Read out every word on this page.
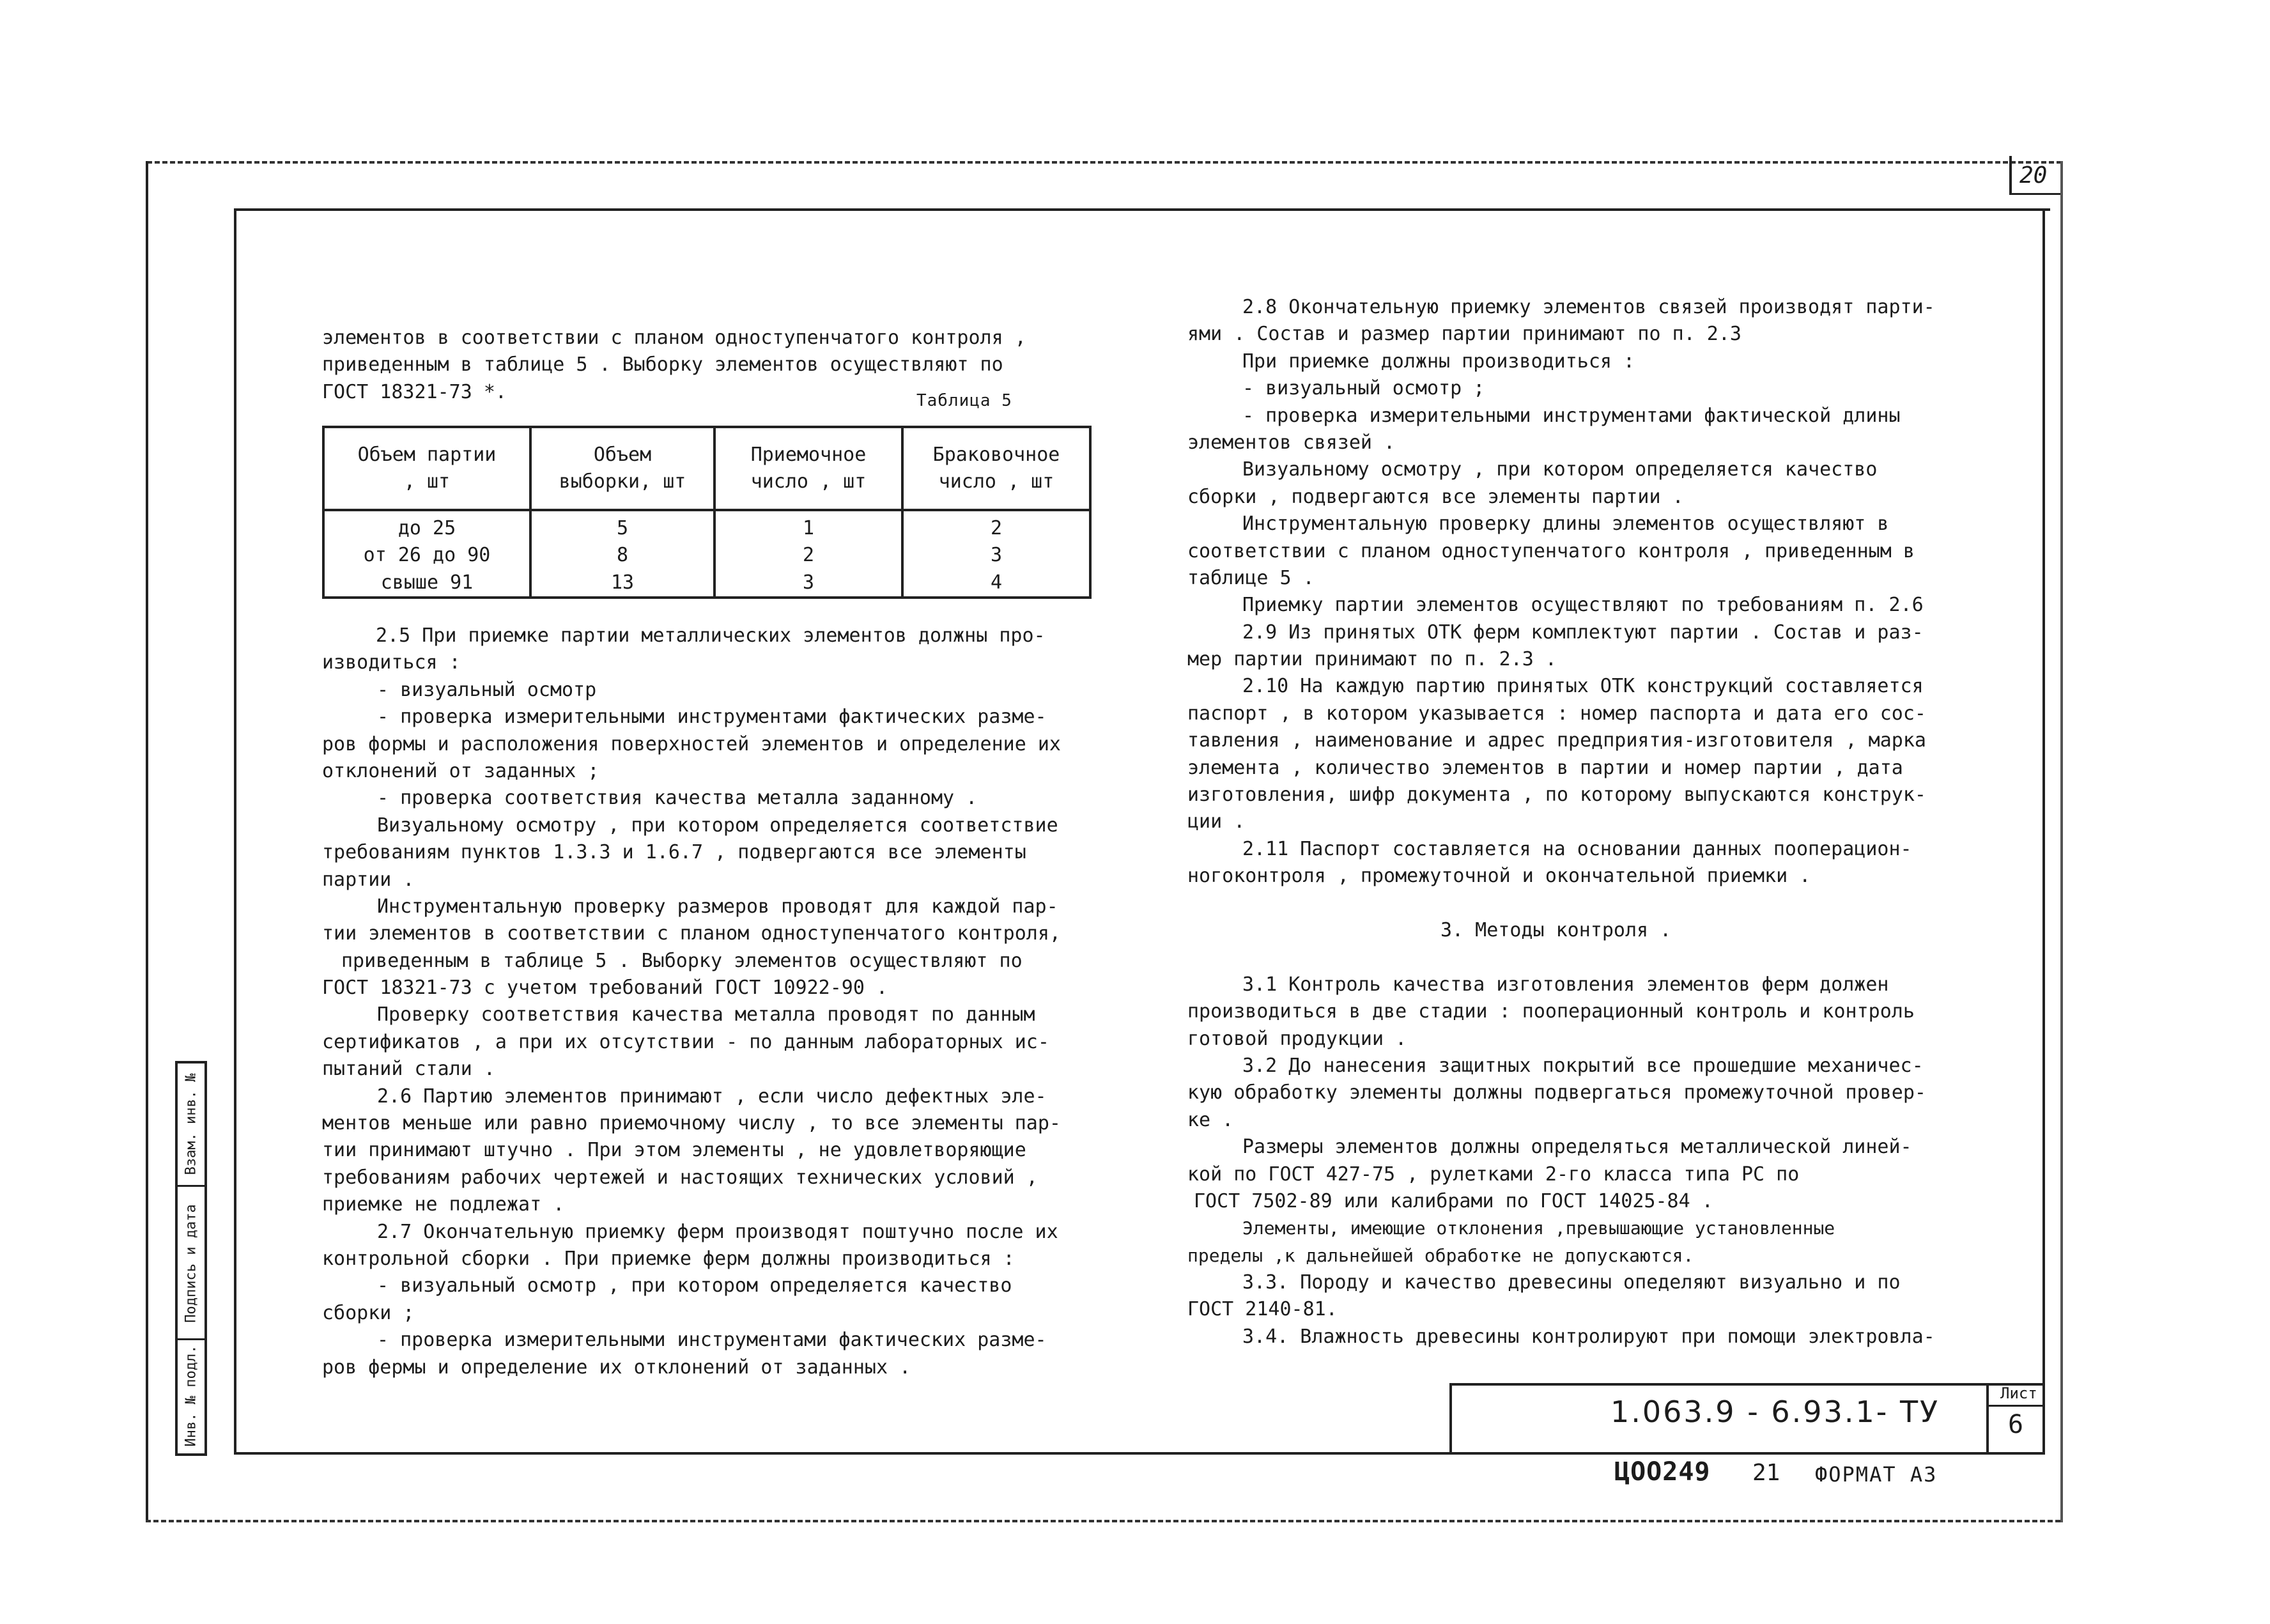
20
Инв. № подл.
Подпись и дата
Взам. инв. №
элементов в соответствии с планом одноступенчатого контроля ,
приведенным в таблице 5 . Выборку элементов осуществляют по
ГОСТ 18321-73 *.	Таблица 5
Объем партии , шт	Объем выборки, шт	Приемочное число , шт	Браковочное число , шт

до 25	5	1	2
от 26 до 90	8	2	3
свыше 91	13	3	4
2.5 При приемке партии металлических элементов должны про-
изводиться :
- визуальный осмотр
- проверка измерительными инструментами фактических разме-
ров формы и расположения поверхностей элементов и определение их
отклонений от заданных ;
- проверка соответствия качества металла заданному .
Визуальному осмотру , при котором определяется соответствие
требованиям пунктов 1.3.3 и 1.6.7 , подвергаются все элементы
партии .
Инструментальную проверку размеров проводят для каждой пар-
тии элементов в соответствии с планом одноступенчатого контроля,
приведенным в таблице 5 . Выборку элементов осуществляют по
ГОСТ 18321-73 с учетом требований ГОСТ 10922-90 .
Проверку соответствия качества металла проводят по данным
сертификатов , а при их отсутствии - по данным лабораторных ис-
пытаний стали .
2.6 Партию элементов принимают , если число дефектных эле-
ментов меньше или равно приемочному числу , то все элементы пар-
тии принимают штучно . При этом элементы , не удовлетворяющие
требованиям рабочих чертежей и настоящих технических условий ,
приемке не подлежат .
2.7 Окончательную приемку ферм производят поштучно после их
контрольной сборки . При приемке ферм должны производиться :
- визуальный осмотр , при котором определяется качество
сборки ;
- проверка измерительными инструментами фактических разме-
ров фермы и определение их отклонений от заданных .
2.8 Окончательную приемку элементов связей производят парти-
ями . Состав и размер партии принимают по п. 2.3
При приемке должны производиться :
- визуальный осмотр ;
- проверка измерительными инструментами фактической длины
элементов связей .
Визуальному осмотру , при котором определяется качество
сборки , подвергаются все элементы партии .
Инструментальную проверку длины элементов осуществляют в
соответствии с планом одноступенчатого контроля , приведенным в
таблице 5 .
Приемку партии элементов осуществляют по требованиям п. 2.6
2.9 Из принятых ОТК ферм комплектуют партии . Состав и раз-
мер партии принимают по п. 2.3 .
2.10 На каждую партию принятых ОТК конструкций составляется
паспорт , в котором указывается : номер паспорта и дата его сос-
тавления , наименование и адрес предприятия-изготовителя , марка
элемента , количество элементов в партии и номер партии , дата
изготовления, шифр документа , по которому выпускаются конструк-
ции .
2.11 Паспорт составляется на основании данных пооперацион-
ногоконтроля , промежуточной и окончательной приемки .
3. Методы контроля .
3.1 Контроль качества изготовления элементов ферм должен
производиться в две стадии : пооперационный контроль и контроль
готовой продукции .
3.2 До нанесения защитных покрытий все прошедшие механичес-
кую обработку элементы должны подвергаться промежуточной провер-
ке .
Размеры элементов должны определяться металлической линей-
кой по ГОСТ 427-75 , рулетками 2-го класса типа РС по
ГОСТ 7502-89 или калибрами по ГОСТ 14025-84 .
Элементы, имеющие отклонения ,превышающие установленные
пределы ,к дальнейшей обработке не допускаются.
3.3. Породу и качество древесины опеделяют визуально и по
ГОСТ 2140-81.
3.4. Влажность древесины контролируют при помощи электровла-
1.063.9 - 6.93.1- ТУ
Лист
6
ЦОО249 21 ФОРМАТ А3
